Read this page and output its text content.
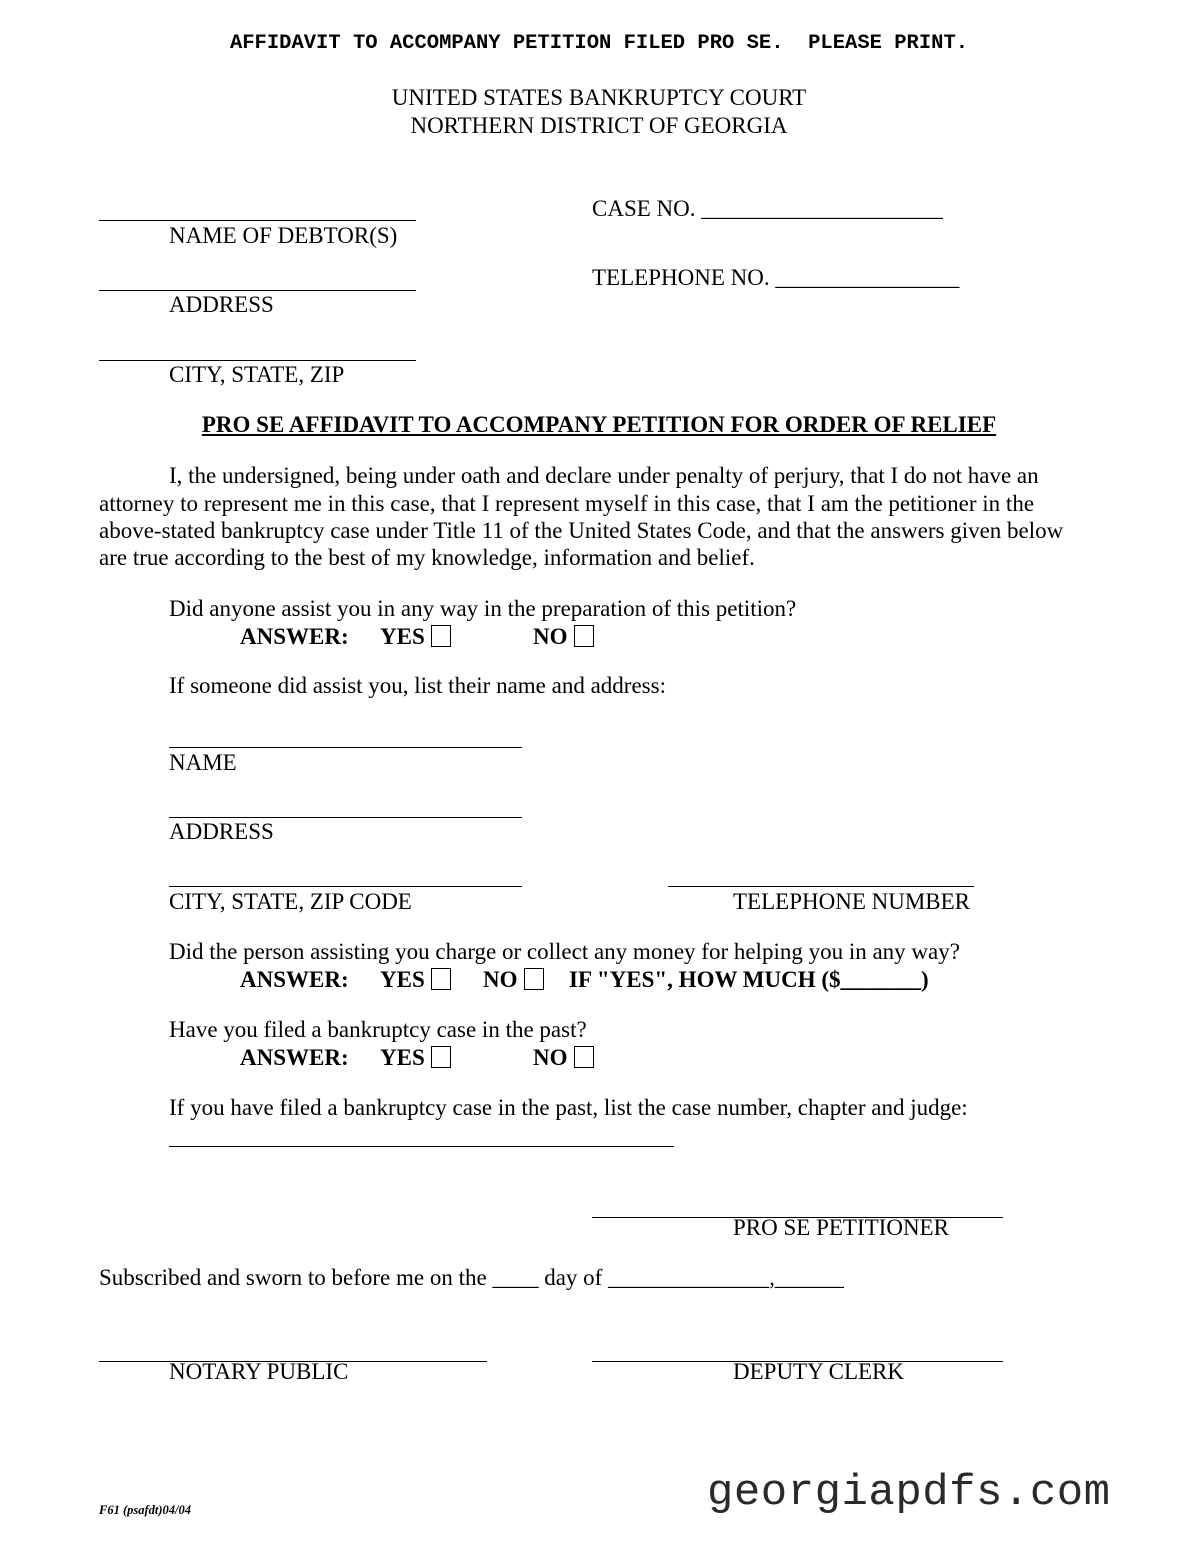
AFFIDAVIT TO ACCOMPANY PETITION FILED PRO SE.  PLEASE PRINT.
UNITED STATES BANKRUPTCY COURT
NORTHERN DISTRICT OF GEORGIA
NAME OF DEBTOR(S)
ADDRESS
CITY, STATE, ZIP
CASE NO. _____________________
TELEPHONE NO. ________________
PRO SE AFFIDAVIT TO ACCOMPANY PETITION FOR ORDER OF RELIEF
I, the undersigned, being under oath and declare under penalty of perjury, that I do not have an
attorney to represent me in this case, that I represent myself in this case, that I am the petitioner in the
above-stated bankruptcy case under Title 11 of the United States Code, and that the answers given below
are true according to the best of my knowledge, information and belief.
Did anyone assist you in any way in the preparation of this petition?
ANSWER: YES	NO
If someone did assist you, list their name and address:
NAME
ADDRESS
CITY, STATE, ZIP CODE	TELEPHONE NUMBER
Did the person assisting you charge or collect any money for helping you in any way?
ANSWER: YES	NO	IF "YES", HOW MUCH ($_______)
Have you filed a bankruptcy case in the past?
ANSWER: YES	NO
If you have filed a bankruptcy case in the past, list the case number, chapter and judge:
PRO SE PETITIONER
Subscribed and sworn to before me on the ____ day of ______________,______
NOTARY PUBLIC	DEPUTY CLERK
F61 (psafdt)04/04	georgiapdfs.com
